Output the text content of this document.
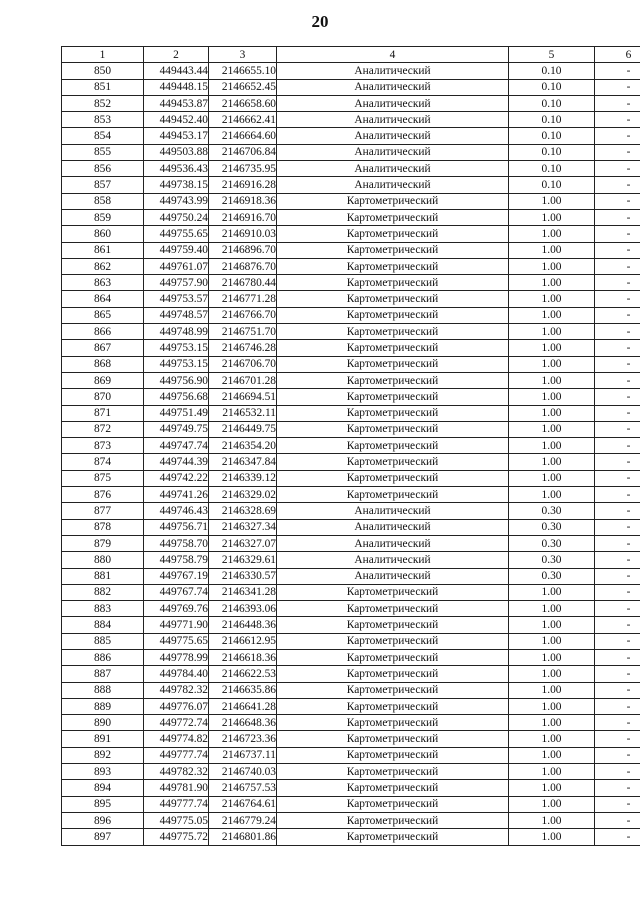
20
1	2	3	4	5	6
850	449443.44	2146655.10	Аналитический	0.10	-
851	449448.15	2146652.45	Аналитический	0.10	-
852	449453.87	2146658.60	Аналитический	0.10	-
853	449452.40	2146662.41	Аналитический	0.10	-
854	449453.17	2146664.60	Аналитический	0.10	-
855	449503.88	2146706.84	Аналитический	0.10	-
856	449536.43	2146735.95	Аналитический	0.10	-
857	449738.15	2146916.28	Аналитический	0.10	-
858	449743.99	2146918.36	Картометрический	1.00	-
859	449750.24	2146916.70	Картометрический	1.00	-
860	449755.65	2146910.03	Картометрический	1.00	-
861	449759.40	2146896.70	Картометрический	1.00	-
862	449761.07	2146876.70	Картометрический	1.00	-
863	449757.90	2146780.44	Картометрический	1.00	-
864	449753.57	2146771.28	Картометрический	1.00	-
865	449748.57	2146766.70	Картометрический	1.00	-
866	449748.99	2146751.70	Картометрический	1.00	-
867	449753.15	2146746.28	Картометрический	1.00	-
868	449753.15	2146706.70	Картометрический	1.00	-
869	449756.90	2146701.28	Картометрический	1.00	-
870	449756.68	2146694.51	Картометрический	1.00	-
871	449751.49	2146532.11	Картометрический	1.00	-
872	449749.75	2146449.75	Картометрический	1.00	-
873	449747.74	2146354.20	Картометрический	1.00	-
874	449744.39	2146347.84	Картометрический	1.00	-
875	449742.22	2146339.12	Картометрический	1.00	-
876	449741.26	2146329.02	Картометрический	1.00	-
877	449746.43	2146328.69	Аналитический	0.30	-
878	449756.71	2146327.34	Аналитический	0.30	-
879	449758.70	2146327.07	Аналитический	0.30	-
880	449758.79	2146329.61	Аналитический	0.30	-
881	449767.19	2146330.57	Аналитический	0.30	-
882	449767.74	2146341.28	Картометрический	1.00	-
883	449769.76	2146393.06	Картометрический	1.00	-
884	449771.90	2146448.36	Картометрический	1.00	-
885	449775.65	2146612.95	Картометрический	1.00	-
886	449778.99	2146618.36	Картометрический	1.00	-
887	449784.40	2146622.53	Картометрический	1.00	-
888	449782.32	2146635.86	Картометрический	1.00	-
889	449776.07	2146641.28	Картометрический	1.00	-
890	449772.74	2146648.36	Картометрический	1.00	-
891	449774.82	2146723.36	Картометрический	1.00	-
892	449777.74	2146737.11	Картометрический	1.00	-
893	449782.32	2146740.03	Картометрический	1.00	-
894	449781.90	2146757.53	Картометрический	1.00	-
895	449777.74	2146764.61	Картометрический	1.00	-
896	449775.05	2146779.24	Картометрический	1.00	-
897	449775.72	2146801.86	Картометрический	1.00	-
